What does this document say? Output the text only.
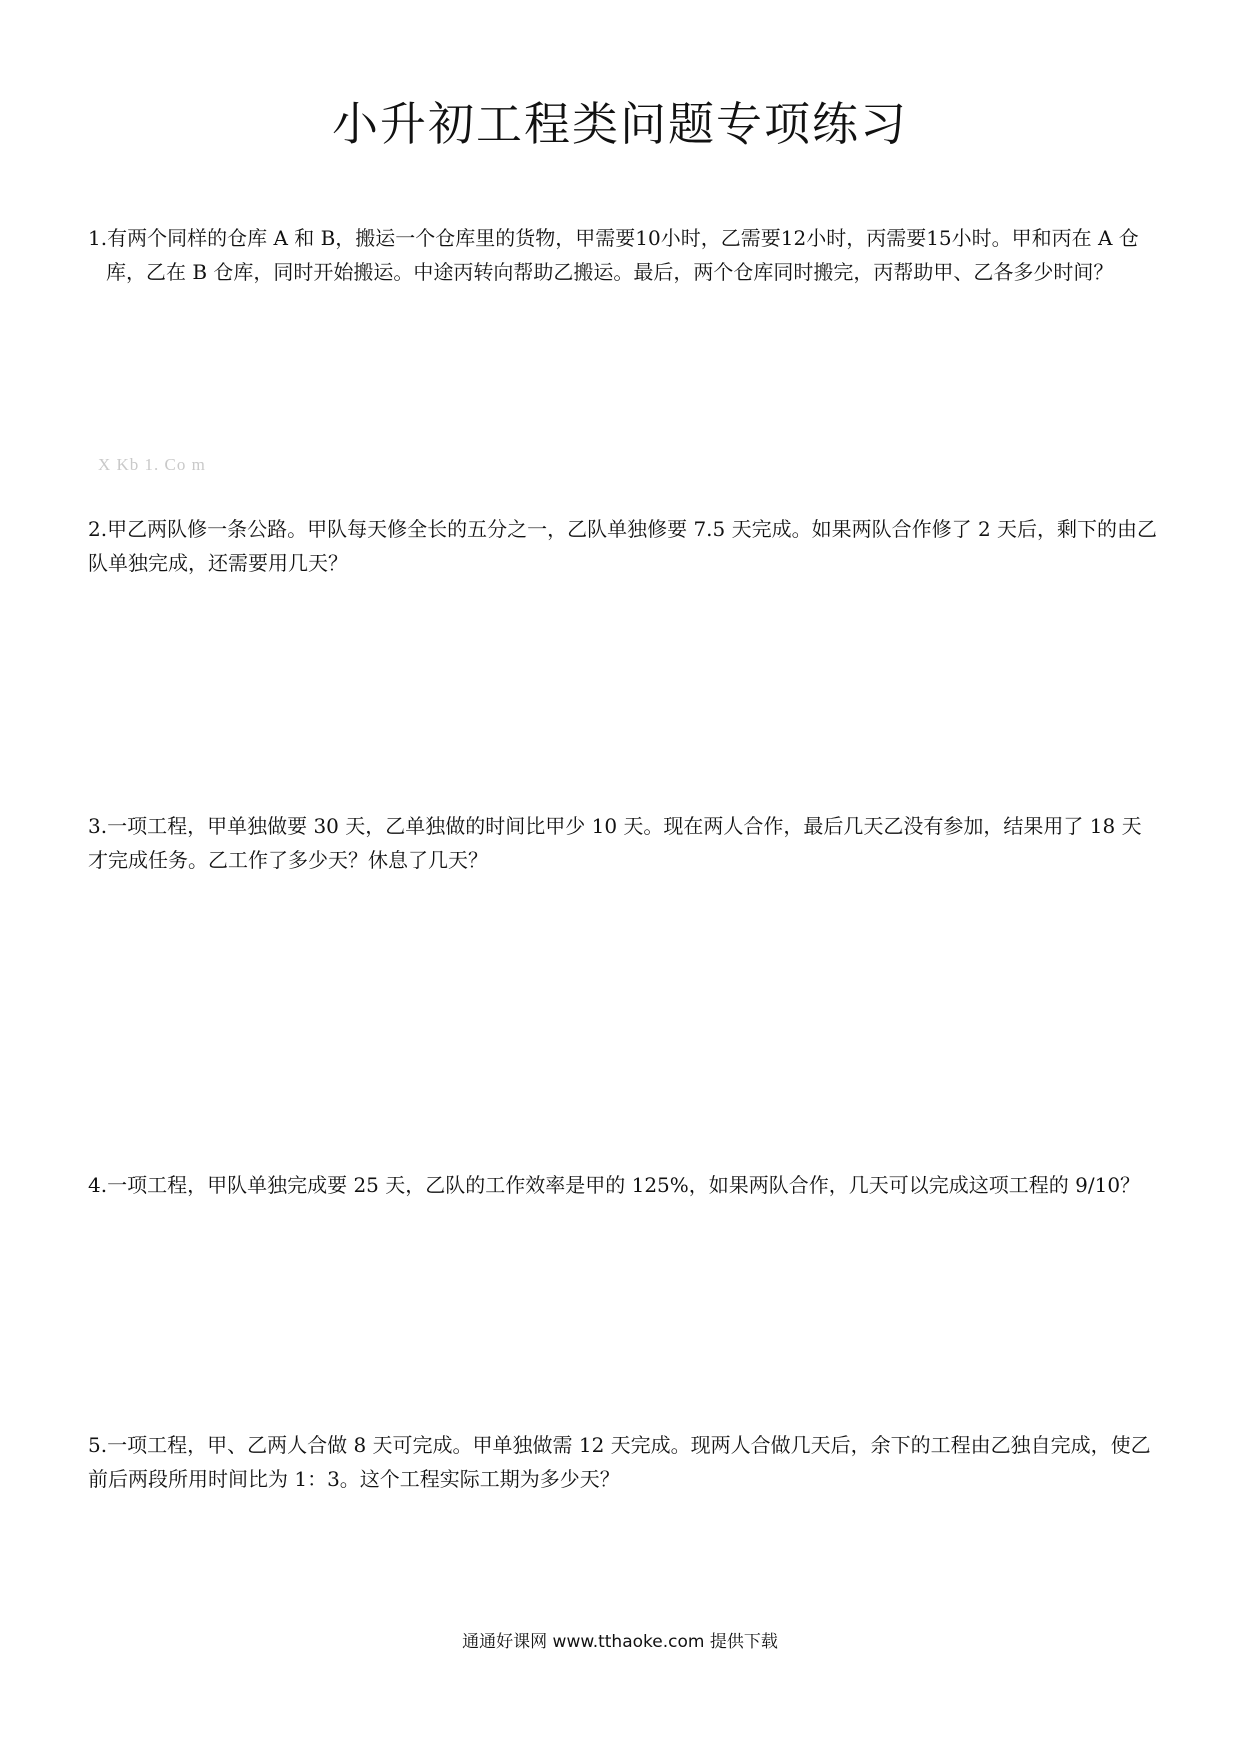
小升初工程类问题专项练习
1.有两个同样的仓库 A 和 B，搬运一个仓库里的货物，甲需要10小时，乙需要12小时，丙需要15小时。甲和丙在 A 仓库，乙在 B 仓库，同时开始搬运。中途丙转向帮助乙搬运。最后，两个仓库同时搬完，丙帮助甲、乙各多少时间？
X Kb 1. Co m
2.甲乙两队修一条公路。甲队每天修全长的五分之一，乙队单独修要 7.5 天完成。如果两队合作修了 2 天后，剩下的由乙队单独完成，还需要用几天？
3.一项工程，甲单独做要 30 天，乙单独做的时间比甲少 10 天。现在两人合作，最后几天乙没有参加，结果用了 18 天才完成任务。乙工作了多少天？休息了几天？
4.一项工程，甲队单独完成要 25 天，乙队的工作效率是甲的 125%，如果两队合作，几天可以完成这项工程的 9/10？
5.一项工程，甲、乙两人合做 8 天可完成。甲单独做需 12 天完成。现两人合做几天后，余下的工程由乙独自完成，使乙前后两段所用时间比为 1：3。这个工程实际工期为多少天？
通通好课网 www.tthaoke.com 提供下载
